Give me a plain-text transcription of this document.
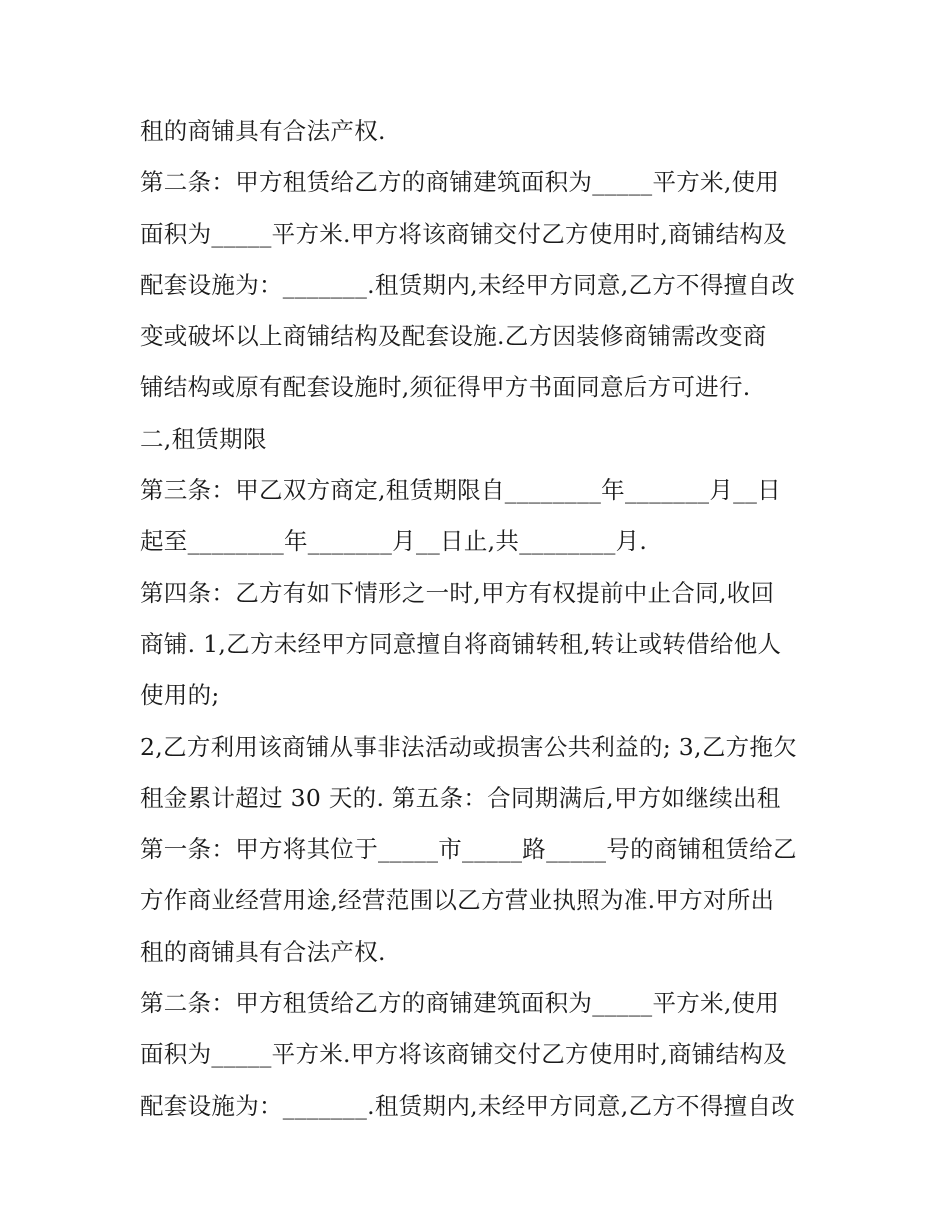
租的商铺具有合法产权.
第二条：甲方租赁给乙方的商铺建筑面积为_____平方米,使用
面积为_____平方米.甲方将该商铺交付乙方使用时,商铺结构及
配套设施为：_______.租赁期内,未经甲方同意,乙方不得擅自改
变或破坏以上商铺结构及配套设施.乙方因装修商铺需改变商
铺结构或原有配套设施时,须征得甲方书面同意后方可进行.
二,租赁期限
第三条：甲乙双方商定,租赁期限自________年_______月__日
起至________年_______月__日止,共________月.
第四条：乙方有如下情形之一时,甲方有权提前中止合同,收回
商铺. 1,乙方未经甲方同意擅自将商铺转租,转让或转借给他人
使用的;
2,乙方利用该商铺从事非法活动或损害公共利益的; 3,乙方拖欠
租金累计超过 30 天的. 第五条：合同期满后,甲方如继续出租
第一条：甲方将其位于_____市_____路_____号的商铺租赁给乙
方作商业经营用途,经营范围以乙方营业执照为准.甲方对所出
租的商铺具有合法产权.
第二条：甲方租赁给乙方的商铺建筑面积为_____平方米,使用
面积为_____平方米.甲方将该商铺交付乙方使用时,商铺结构及
配套设施为：_______.租赁期内,未经甲方同意,乙方不得擅自改
